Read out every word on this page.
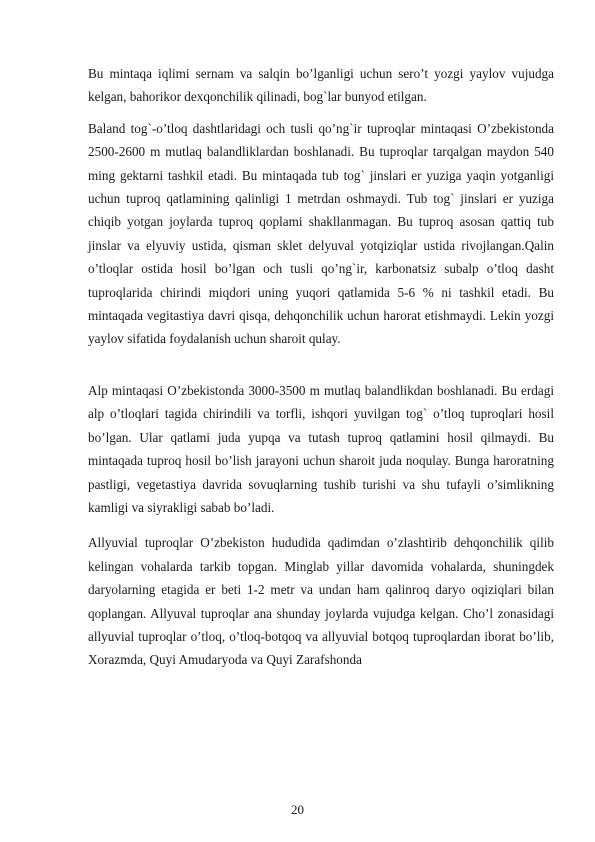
Bu mintaqa iqlimi sernam va salqin bo’lganligi uchun sero’t yozgi yaylov vujudga kelgan, bahorikor dexqonchilik qilinadi, bog`lar bunyod etilgan.

Baland tog`-o’tloq dashtlaridagi och tusli qo’ng`ir tuproqlar mintaqasi O’zbekistonda 2500-2600 m mutlaq balandliklardan boshlanadi. Bu tuproqlar tarqalgan maydon 540 ming gektarni tashkil etadi. Bu mintaqada tub tog` jinslari er yuziga yaqin yotganligi uchun tuproq qatlamining qalinligi 1 metrdan oshmaydi. Tub tog` jinslari er yuziga chiqib yotgan joylarda tuproq qoplami shakllanmagan. Bu tuproq asosan qattiq tub jinslar va elyuviy ustida, qisman sklet delyuval yotqiziqlar ustida rivojlangan.Qalin o’tloqlar ostida hosil bo’lgan och tusli qo’ng`ir, karbonatsiz subalp o’tloq dasht tuproqlarida chirindi miqdori uning yuqori qatlamida 5-6 % ni tashkil etadi. Bu mintaqada vegitastiya davri qisqa, dehqonchilik uchun harorat etishmaydi. Lekin yozgi yaylov sifatida foydalanish uchun sharoit qulay.

Alp mintaqasi O’zbekistonda 3000-3500 m mutlaq balandlikdan boshlanadi. Bu erdagi alp o’tloqlari tagida chirindili va torfli, ishqori yuvilgan tog` o’tloq tuproqlari hosil bo’lgan. Ular qatlami juda yupqa va tutash tuproq qatlamini hosil qilmaydi. Bu mintaqada tuproq hosil bo’lish jarayoni uchun sharoit juda noqulay. Bunga haroratning pastligi, vegetastiya davrida sovuqlarning tushib turishi va shu tufayli o’simlikning kamligi va siyrakligi sabab bo’ladi.

Allyuvial tuproqlar O’zbekiston hududida qadimdan o’zlashtirib dehqonchilik qilib kelingan vohalarda tarkib topgan. Minglab yillar davomida vohalarda, shuningdek daryolarning etagida er beti 1-2 metr va undan ham qalinroq daryo oqiziqlari bilan qoplangan. Allyuval tuproqlar ana shunday joylarda vujudga kelgan. Cho’l zonasidagi allyuvial tuproqlar o’tloq, o’tloq-botqoq va allyuvial botqoq tuproqlardan iborat bo’lib, Xorazmda, Quyi Amudaryoda va Quyi Zarafshonda

20
